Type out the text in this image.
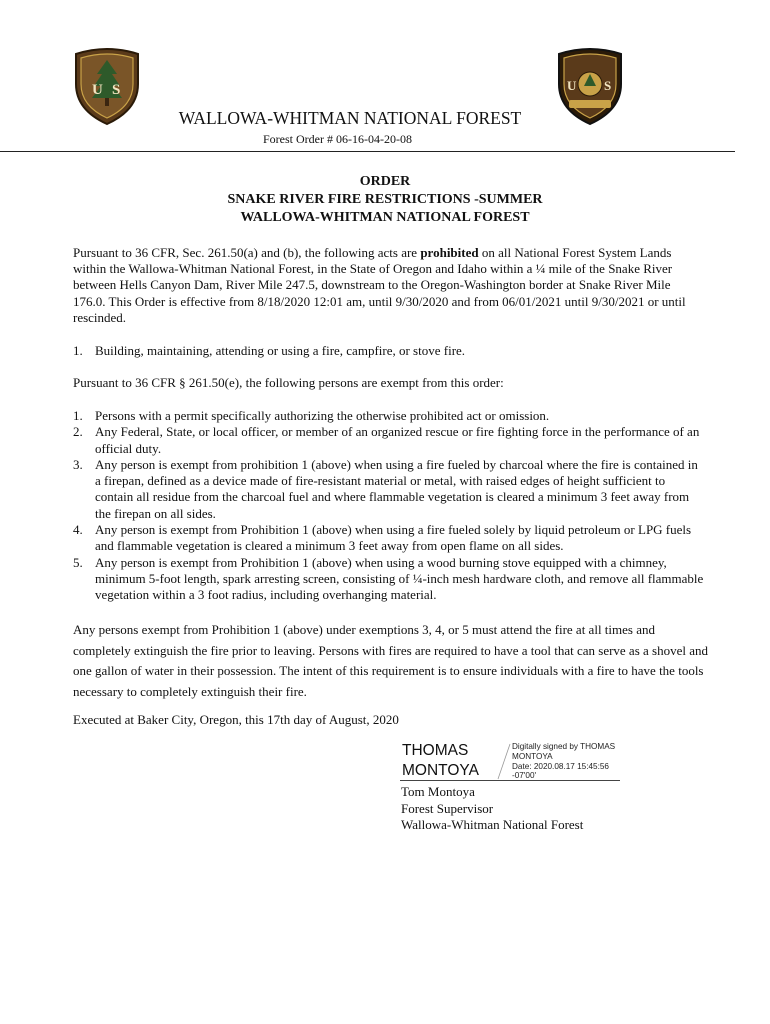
U S	U S
WALLOWA-WHITMAN NATIONAL FOREST
Forest Order # 06-16-04-20-08
ORDER
SNAKE RIVER FIRE RESTRICTIONS -SUMMER
WALLOWA-WHITMAN NATIONAL FOREST
Pursuant to 36 CFR, Sec. 261.50(a) and (b), the following acts are prohibited on all National Forest System Lands within the Wallowa-Whitman National Forest, in the State of Oregon and Idaho within a ¼ mile of the Snake River between Hells Canyon Dam, River Mile 247.5, downstream to the Oregon-Washington border at Snake River Mile 176.0. This Order is effective from 8/18/2020 12:01 am, until 9/30/2020 and from 06/01/2021 until 9/30/2021 or until rescinded.
1. Building, maintaining, attending or using a fire, campfire, or stove fire.
Pursuant to 36 CFR § 261.50(e), the following persons are exempt from this order:
1. Persons with a permit specifically authorizing the otherwise prohibited act or omission.
2. Any Federal, State, or local officer, or member of an organized rescue or fire fighting force in the performance of an official duty.
3. Any person is exempt from prohibition 1 (above) when using a fire fueled by charcoal where the fire is contained in a firepan, defined as a device made of fire-resistant material or metal, with raised edges of height sufficient to contain all residue from the charcoal fuel and where flammable vegetation is cleared a minimum 3 feet away from the firepan on all sides.
4. Any person is exempt from Prohibition 1 (above) when using a fire fueled solely by liquid petroleum or LPG fuels and flammable vegetation is cleared a minimum 3 feet away from open flame on all sides.
5. Any person is exempt from Prohibition 1 (above) when using a wood burning stove equipped with a chimney, minimum 5-foot length, spark arresting screen, consisting of ¼-inch mesh hardware cloth, and remove all flammable vegetation within a 3 foot radius, including overhanging material.
Any persons exempt from Prohibition 1 (above) under exemptions 3, 4, or 5 must attend the fire at all times and completely extinguish the fire prior to leaving. Persons with fires are required to have a tool that can serve as a shovel and one gallon of water in their possession. The intent of this requirement is to ensure individuals with a fire to have the tools necessary to completely extinguish their fire.
Executed at Baker City, Oregon, this 17th day of August, 2020
THOMAS
MONTOYA
Digitally signed by THOMAS
MONTOYA
Date: 2020.08.17 15:45:56
-07'00'
Tom Montoya
Forest Supervisor
Wallowa-Whitman National Forest
